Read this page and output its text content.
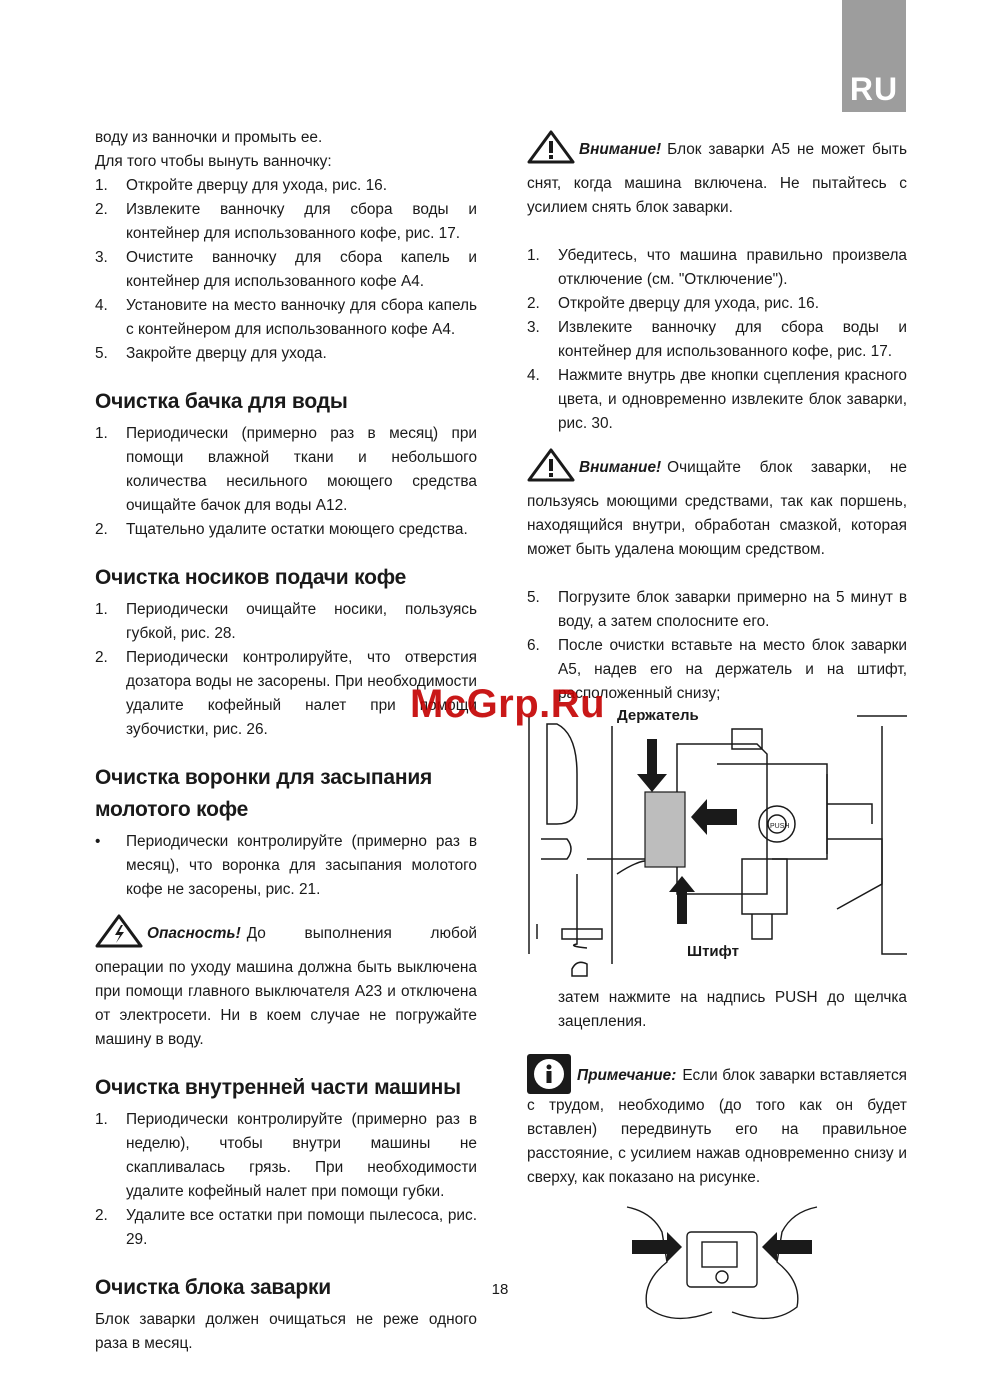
RU

воду из ванночки и промыть ее.

Для того чтобы вынуть ванночку:

1. Откройте дверцу для ухода, рис. 16.
2. Извлеките ванночку для сбора воды и контейнер для использованного кофе, рис. 17.
3. Очистите ванночку для сбора капель и контейнер для использованного кофе A4.
4. Установите на место ванночку для сбора капель с контейнером для использованного кофе A4.
5. Закройте дверцу для ухода.
Очистка бачка для воды
1. Периодически (примерно раз в месяц) при помощи влажной ткани и небольшого количества несильного моющего средства очищайте бачок для воды A12.
2. Тщательно удалите остатки моющего средства.
Очистка носиков подачи кофе
1. Периодически очищайте носики, пользуясь губкой, рис. 28.
2. Периодически контролируйте, что отверстия дозатора воды не засорены. При необходимости удалите кофейный налет при помощи зубочистки, рис. 26.
Очистка воронки для засыпания молотого кофе
• Периодически контролируйте (примерно раз в месяц), что воронка для засыпания молотого кофе не засорены, рис. 21.
Опасность! До выполнения любой операции по уходу машина должна быть выключена при помощи главного выключателя A23 и отключена от электросети. Ни в коем случае не погружайте машину в воду.
Очистка внутренней части машины
1. Периодически контролируйте (примерно раз в неделю), чтобы внутри машины не скапливалась грязь. При необходимости удалите кофейный налет при помощи губки.
2. Удалите все остатки при помощи пылесоса, рис. 29.
Очистка блока заварки

Блок заварки должен очищаться не реже одного раза в месяц.

Внимание! Блок заварки A5 не может быть снят, когда машина включена. Не пытайтесь с усилием снять блок заварки.
1. Убедитесь, что машина правильно произвела отключение (см. "Отключение").
2. Откройте дверцу для ухода, рис. 16.
3. Извлеките ванночку для сбора воды и контейнер для использованного кофе, рис. 17.
4. Нажмите внутрь две кнопки сцепления красного цвета, и одновременно извлеките блок заварки, рис. 30.
Внимание! Очищайте блок заварки, не пользуясь моющими средствами, так как поршень, находящийся внутри, обработан смазкой, которая может быть удалена моющим средством.
5. Погрузите блок заварки примерно на 5 минут в воду, а затем сполосните его.
6. После очистки вставьте на место блок заварки A5, надев его на держатель и на штифт, расположенный снизу;
PUSH
Держатель
Штифт

затем нажмите на надпись PUSH до щелчка зацепления.

Примечание: Если блок заварки вставляется с трудом, необходимо (до того как он будет вставлен) передвинуть его на правильное расстояние, с усилием нажав одновременно снизу и сверху, как показано на рисунке.
McGrp.Ru
18
